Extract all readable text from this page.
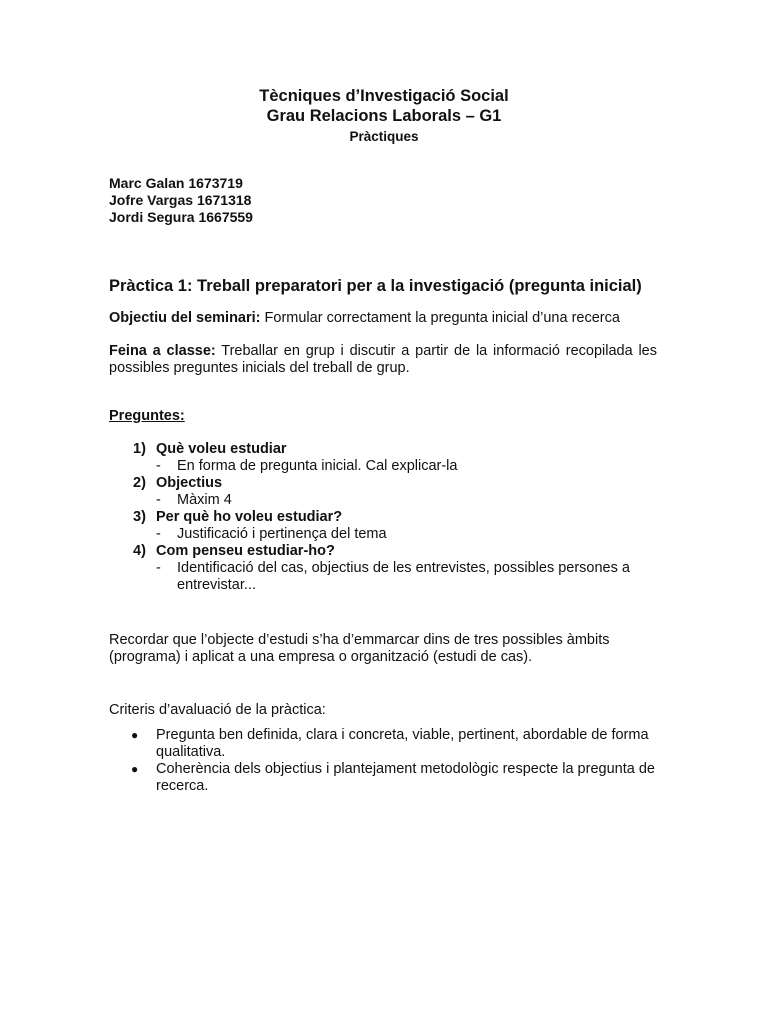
Tècniques d’Investigació Social
Grau Relacions Laborals – G1
Pràctiques
Marc Galan 1673719
Jofre Vargas 1671318
Jordi Segura 1667559
Pràctica 1: Treball preparatori per a la investigació (pregunta inicial)
Objectiu del seminari: Formular correctament la pregunta inicial d’una recerca
Feina a classe: Treballar en grup i discutir a partir de la informació recopilada les possibles preguntes inicials del treball de grup.
Preguntes:
1) Què voleu estudiar
- En forma de pregunta inicial. Cal explicar-la
2) Objectius
- Màxim 4
3) Per què ho voleu estudiar?
- Justificació i pertinença del tema
4) Com penseu estudiar-ho?
- Identificació del cas, objectius de les entrevistes, possibles persones a entrevistar...
Recordar que l’objecte d’estudi s’ha d’emmarcar dins de tres possibles àmbits (programa) i aplicat a una empresa o organització (estudi de cas).
Criteris d’avaluació de la pràctica:
● Pregunta ben definida, clara i concreta, viable, pertinent, abordable de forma qualitativa.
● Coherència dels objectius i plantejament metodològic respecte la pregunta de recerca.
